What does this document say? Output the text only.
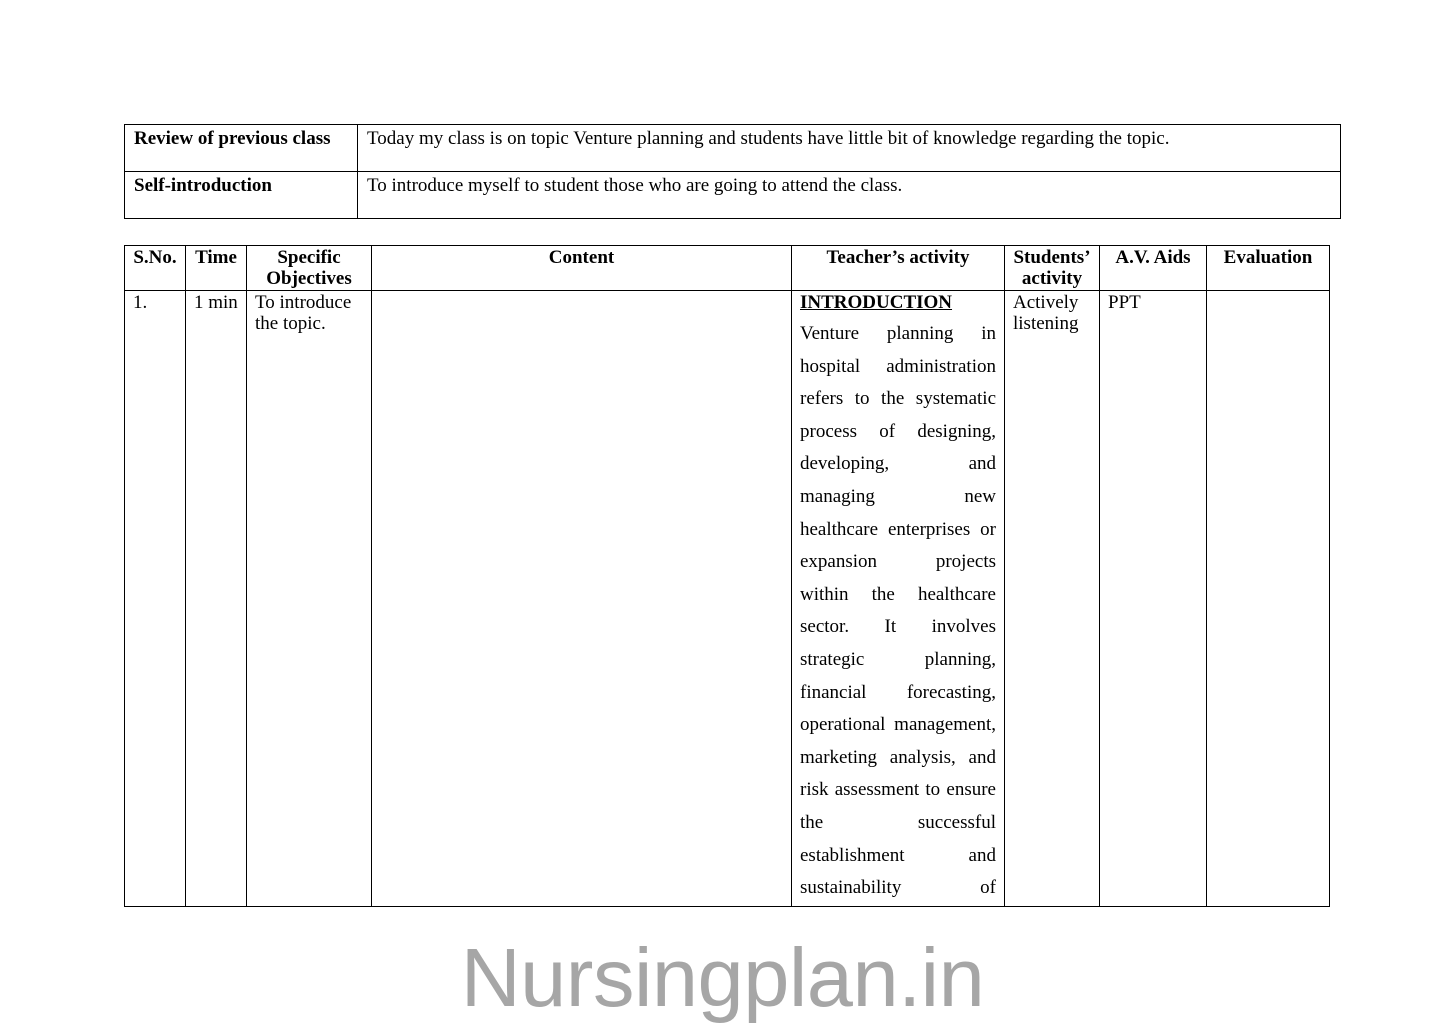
Review of previous class	Today my class is on topic Venture planning and students have little bit of knowledge regarding the topic.
Self-introduction	To introduce myself to student those who are going to attend the class.
S.No.	Time	Specific Objectives	Content	Teacher’s activity	Students’ activity	A.V. Aids	Evaluation
1.	1 min	To introduce the topic.		INTRODUCTION
Venture planning in hospital administration refers to the systematic process of designing, developing, and managing new healthcare enterprises or expansion projects within the healthcare sector. It involves strategic planning, financial forecasting, operational management, marketing analysis, and risk assessment to ensure the successful establishment and sustainability of	Actively listening	PPT	
Nursingplan.in
